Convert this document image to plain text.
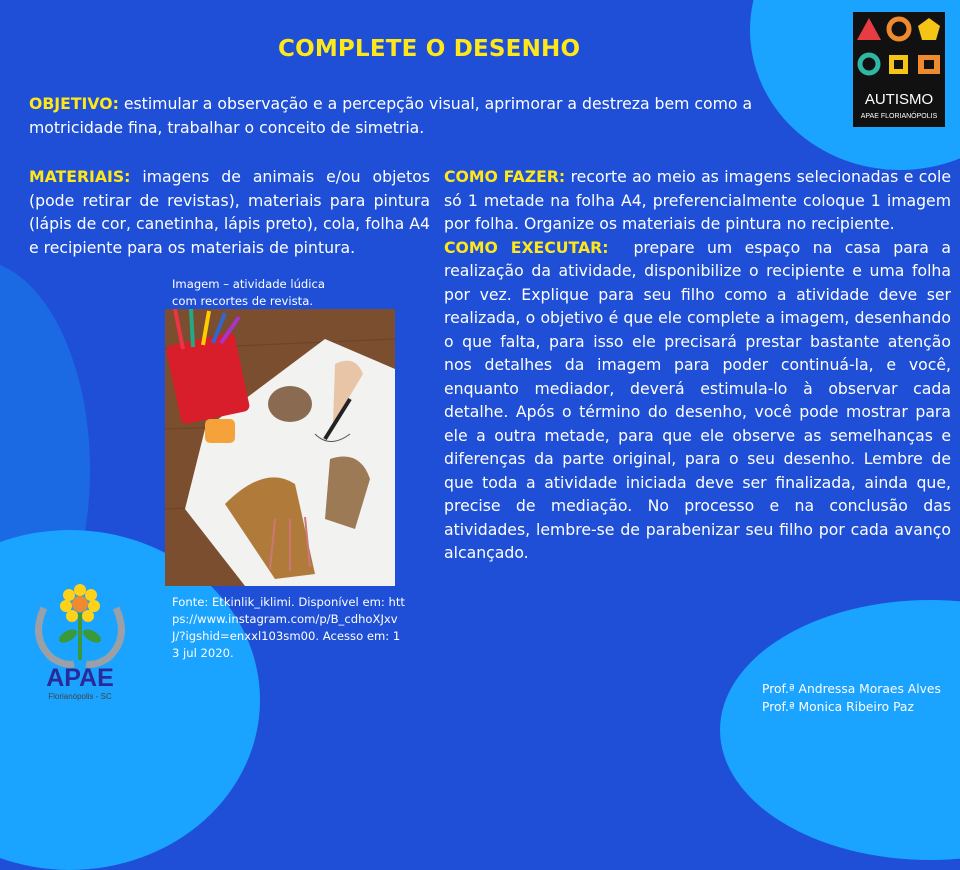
COMPLETE O DESENHO
OBJETIVO: estimular a observação e a percepção visual, aprimorar a destreza bem como a motricidade fina, trabalhar o conceito de simetria.
MATERIAIS: imagens de animais e/ou objetos (pode retirar de revistas), materiais para pintura (lápis de cor, canetinha, lápis preto), cola, folha A4 e recipiente para os materiais de pintura.
COMO FAZER: recorte ao meio as imagens selecionadas e cole só 1 metade na folha A4, preferencialmente coloque 1 imagem por folha. Organize os materiais de pintura no recipiente.
COMO EXECUTAR:  prepare um espaço na casa para a realização da atividade, disponibilize o recipiente e uma folha por vez. Explique para seu filho como a atividade deve ser realizada, o objetivo é que ele complete a imagem, desenhando o que falta, para isso ele precisará prestar bastante atenção nos detalhes da imagem para poder continuá-la, e você, enquanto mediador, deverá estimula-lo à observar cada detalhe. Após o término do desenho, você pode mostrar para ele a outra metade, para que ele observe as semelhanças e diferenças da parte original, para o seu desenho. Lembre de que toda a atividade iniciada deve ser finalizada, ainda que, precise de mediação. No processo e na conclusão das atividades, lembre-se de parabenizar seu filho por cada avanço alcançado.
Imagem – atividade lúdica com recortes de revista.
Fonte: Etkinlik_iklimi. Disponível em: https://www.instagram.com/p/B_cdhoXJxvJ/?igshid=enxxl103sm00. Acesso em: 13 jul 2020.
AUTISMO
APAE FLORIANÓPOLIS
APAE
Florianópolis - SC
Prof.ª Andressa Moraes Alves
Prof.ª Monica Ribeiro Paz
